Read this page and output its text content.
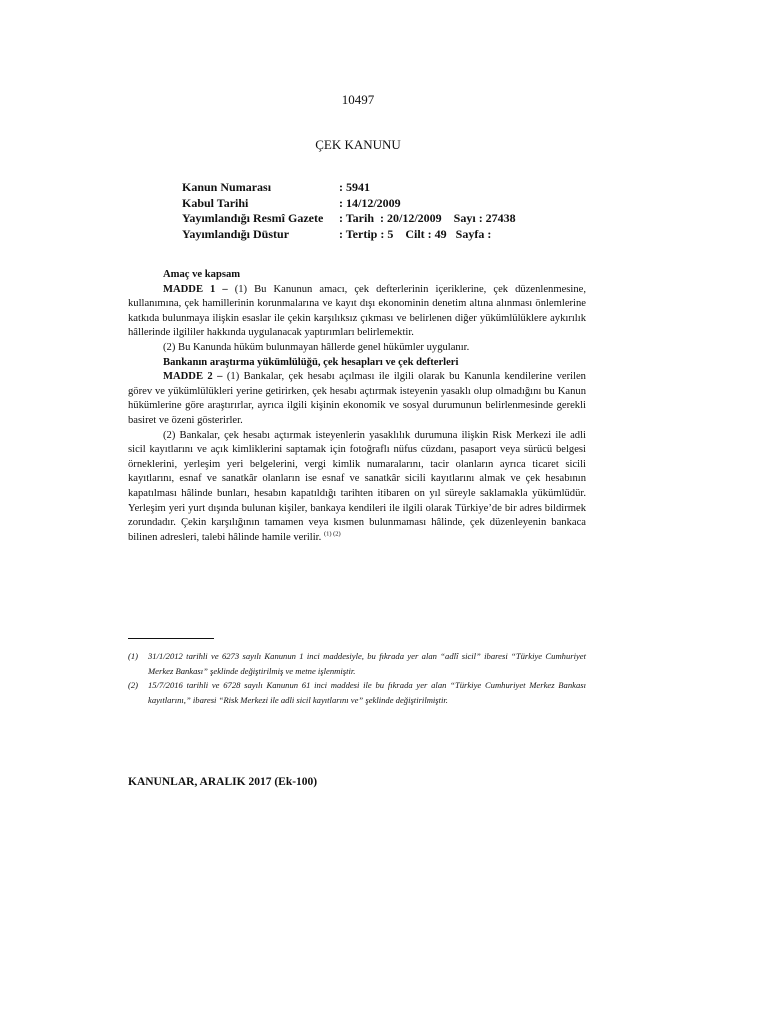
10497
ÇEK KANUNU
Kanun Numarası	: 5941
Kabul Tarihi	: 14/12/2009
Yayımlandığı Resmî Gazete	: Tarih  : 20/12/2009    Sayı : 27438
Yayımlandığı Düstur	: Tertip : 5    Cilt : 49   Sayfa :

Amaç ve kapsam

MADDE 1 – (1) Bu Kanunun amacı, çek defterlerinin içeriklerine, çek düzenlenmesine, kullanımına, çek hamillerinin korunmalarına ve kayıt dışı ekonominin denetim altına alınması önlemlerine katkıda bulunmaya ilişkin esaslar ile çekin karşılıksız çıkması ve belirlenen diğer yükümlülüklere aykırılık hâllerinde ilgililer hakkında uygulanacak yaptırımları belirlemektir.

(2) Bu Kanunda hüküm bulunmayan hâllerde genel hükümler uygulanır.

Bankanın araştırma yükümlülüğü, çek hesapları ve çek defterleri

MADDE 2 – (1) Bankalar, çek hesabı açılması ile ilgili olarak bu Kanunla kendilerine verilen görev ve yükümlülükleri yerine getirirken, çek hesabı açtırmak isteyenin yasaklı olup olmadığını bu Kanun hükümlerine göre araştırırlar, ayrıca ilgili kişinin ekonomik ve sosyal durumunun belirlenmesinde gerekli basiret ve özeni gösterirler.

(2) Bankalar, çek hesabı açtırmak isteyenlerin yasaklılık durumuna ilişkin Risk Merkezi ile adli sicil kayıtlarını ve açık kimliklerini saptamak için fotoğraflı nüfus cüzdanı, pasaport veya sürücü belgesi örneklerini, yerleşim yeri belgelerini, vergi kimlik numaralarını, tacir olanların ayrıca ticaret sicili kayıtlarını, esnaf ve sanatkâr olanların ise esnaf ve sanatkâr sicili kayıtlarını almak ve çek hesabının kapatılması hâlinde bunları, hesabın kapatıldığı tarihten itibaren on yıl süreyle saklamakla yükümlüdür. Yerleşim yeri yurt dışında bulunan kişiler, bankaya kendileri ile ilgili olarak Türkiye’de bir adres bildirmek zorundadır. Çekin karşılığının tamamen veya kısmen bulunmaması hâlinde, çek düzenleyenin bankaca bilinen adresleri, talebi hâlinde hamile verilir. $^{(1) (2)}$

(1)	31/1/2012 tarihli ve 6273 sayılı Kanunun 1 inci maddesiyle, bu fıkrada yer alan “adlî sicil” ibaresi “Türkiye Cumhuriyet Merkez Bankası” şeklinde değiştirilmiş ve metne işlenmiştir.
(2)	15/7/2016 tarihli ve 6728 sayılı Kanunun 61 inci maddesi ile bu fıkrada yer alan “Türkiye Cumhuriyet Merkez Bankası kayıtlarını,” ibaresi “Risk Merkezi ile adli sicil kayıtlarını ve” şeklinde değiştirilmiştir.
KANUNLAR, ARALIK 2017 (Ek-100)
